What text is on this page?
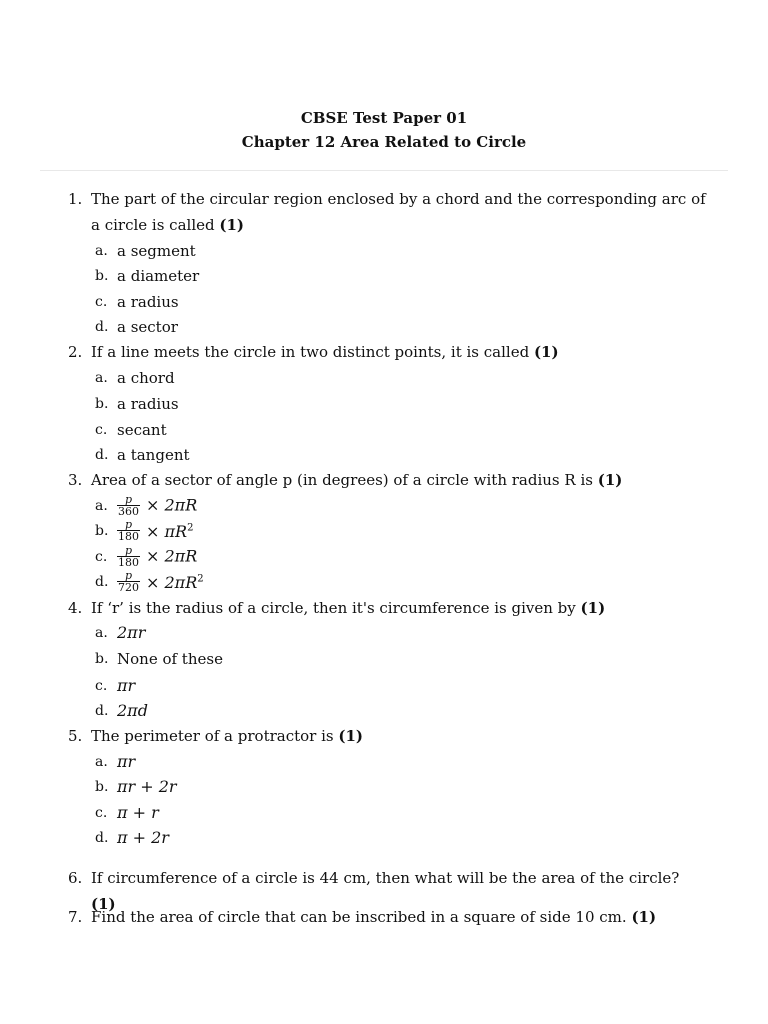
CBSE Test Paper 01
Chapter 12 Area Related to Circle
1. The part of the circular region enclosed by a chord and the corresponding arc of a circle is called (1)
a. a segment
b. a diameter
c. a radius
d. a sector
2. If a line meets the circle in two distinct points, it is called (1)
a. a chord
b. a radius
c. secant
d. a tangent
3. Area of a sector of angle p (in degrees) of a circle with radius R is (1)
a. $\frac{p}{360} \times 2\pi R$
b. $\frac{p}{180} \times \pi R^2$
c. $\frac{p}{180} \times 2\pi R$
d. $\frac{p}{720} \times 2\pi R^2$
4. If ‘r’ is the radius of a circle, then it's circumference is given by (1)
a. 2πr
b. None of these
c. πr
d. 2πd
5. The perimeter of a protractor is (1)
a. πr
b. πr + 2r
c. π + r
d. π + 2r
6. If circumference of a circle is 44 cm, then what will be the area of the circle? (1)
7. Find the area of circle that can be inscribed in a square of side 10 cm. (1)
